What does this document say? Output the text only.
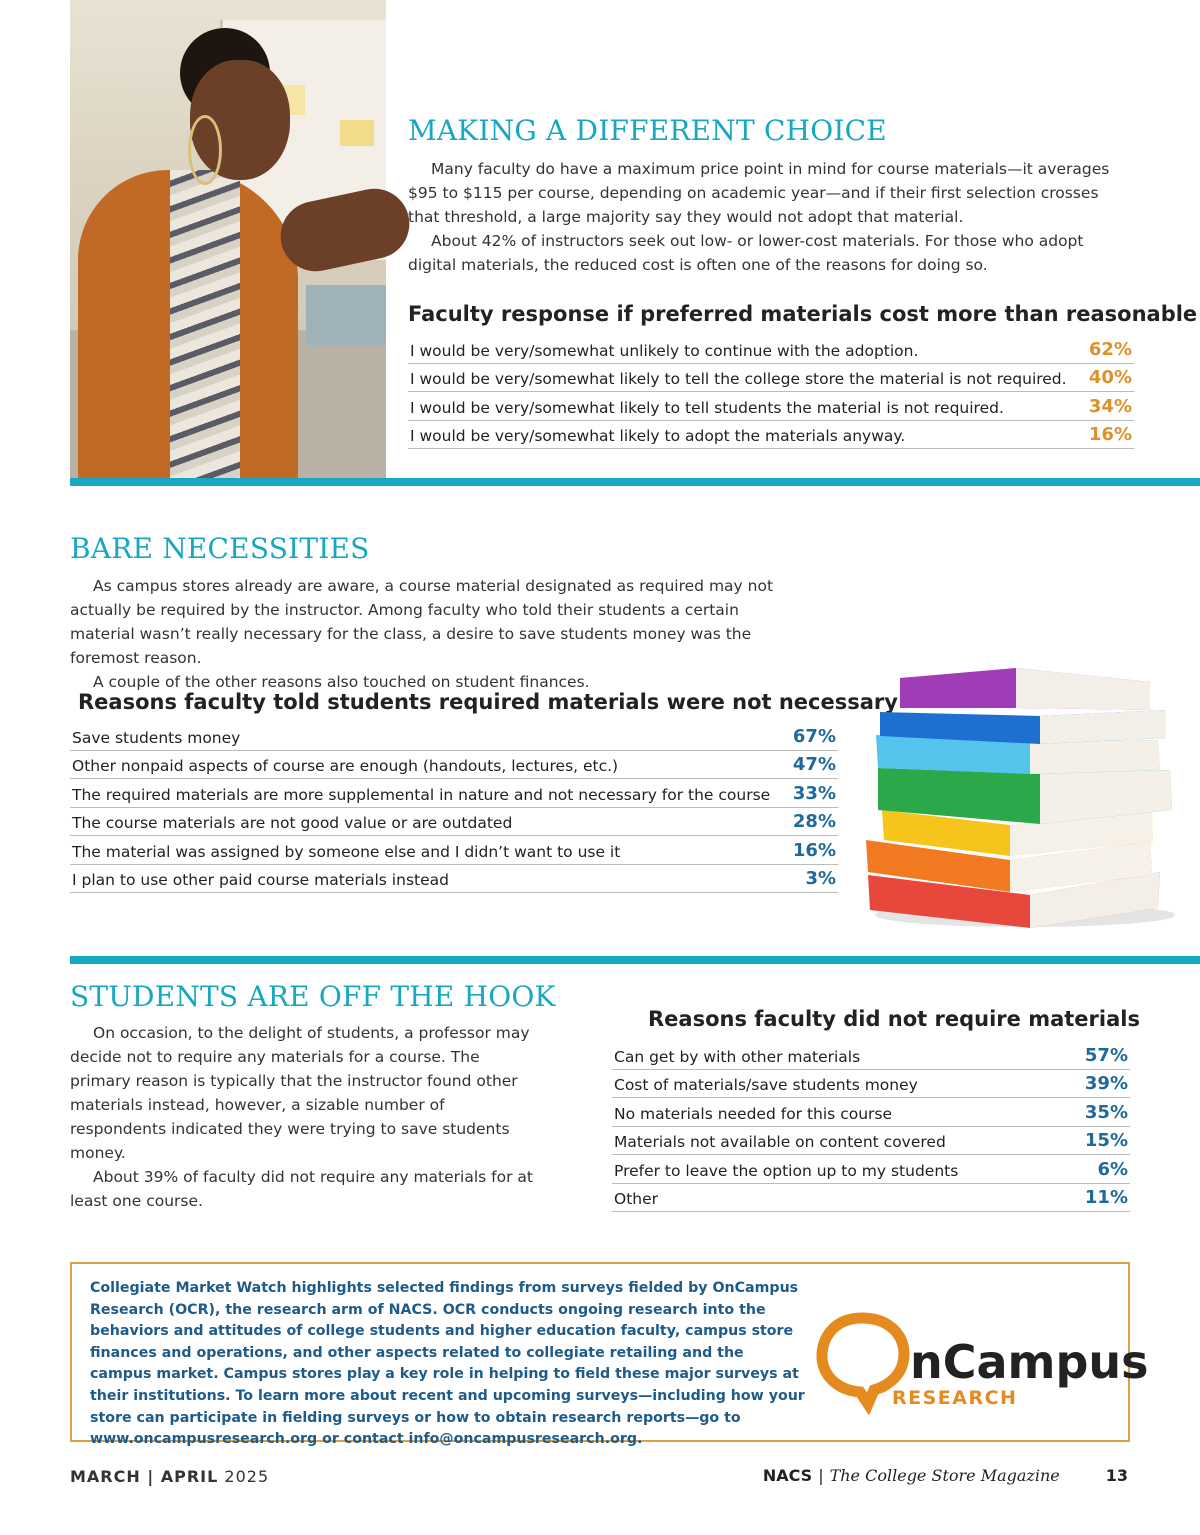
MAKING A DIFFERENT CHOICE

Many faculty do have a maximum price point in mind for course materials—it averages $95 to $115 per course, depending on academic year—and if their first selection crosses that threshold, a large majority say they would not adopt that material.

About 42% of instructors seek out low- or lower-cost materials. For those who adopt digital materials, the reduced cost is often one of the reasons for doing so.

Faculty response if preferred materials cost more than reasonable
I would be very/somewhat unlikely to continue with the adoption.	62%
I would be very/somewhat likely to tell the college store the material is not required. 40%
I would be very/somewhat likely to tell students the material is not required.	34%
I would be very/somewhat likely to adopt the materials anyway.	16%
BARE NECESSITIES

As campus stores already are aware, a course material designated as required may not actually be required by the instructor. Among faculty who told their students a certain material wasn’t really necessary for the class, a desire to save students money was the foremost reason.

A couple of the other reasons also touched on student finances.

Reasons faculty told students required materials were not necessary
Save students money	67%
Other nonpaid aspects of course are enough (handouts, lectures, etc.)	47%
The required materials are more supplemental in nature and not necessary for the course 33%
The course materials are not good value or are outdated	28%
The material was assigned by someone else and I didn’t want to use it	16%
I plan to use other paid course materials instead	3%
STUDENTS ARE OFF THE HOOK

On occasion, to the delight of students, a professor may decide not to require any materials for a course. The primary reason is typically that the instructor found other materials instead, however, a sizable number of respondents indicated they were trying to save students money.

About 39% of faculty did not require any materials for at least one course.

Reasons faculty did not require materials
Can get by with other materials	57%
Cost of materials/save students money	39%
No materials needed for this course	35%
Materials not available on content covered	15%
Prefer to leave the option up to my students	6%
Other	11%

Collegiate Market Watch highlights selected findings from surveys fielded by OnCampus Research (OCR), the research arm of NACS. OCR conducts ongoing research into the behaviors and attitudes of college students and higher education faculty, campus store finances and operations, and other aspects related to collegiate retailing and the campus market. Campus stores play a key role in helping to field these major surveys at their institutions. To learn more about recent and upcoming surveys—including how your store can participate in fielding surveys or how to obtain research reports—go to www.oncampusresearch.org or contact info@oncampusresearch.org.

nCampus
RESEARCH
MARCH | APRIL 2025	NACS | The College Store Magazine	13
